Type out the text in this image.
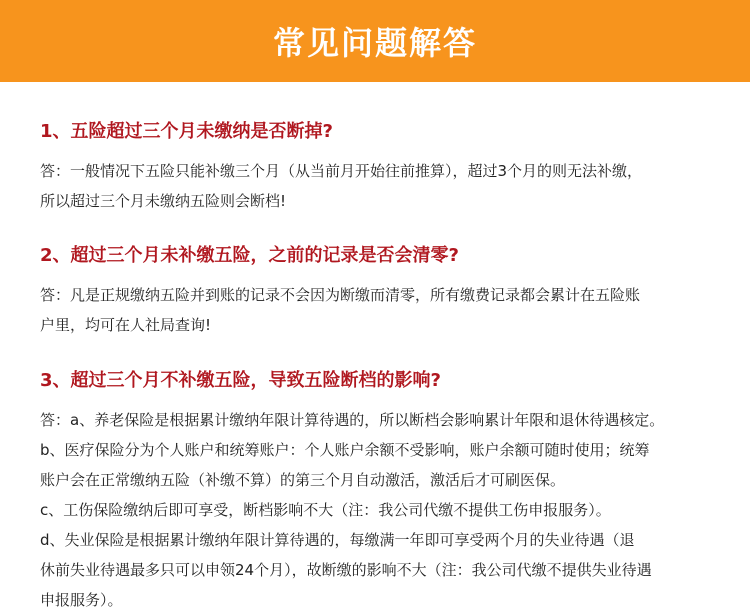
常见问题解答
1、五险超过三个月未缴纳是否断掉?
答：一般情况下五险只能补缴三个月（从当前月开始往前推算），超过3个月的则无法补缴，
所以超过三个月未缴纳五险则会断档!
2、超过三个月未补缴五险，之前的记录是否会清零?
答：凡是正规缴纳五险并到账的记录不会因为断缴而清零，所有缴费记录都会累计在五险账
户里，均可在人社局查询!
3、超过三个月不补缴五险，导致五险断档的影响?
答：a、养老保险是根据累计缴纳年限计算待遇的，所以断档会影响累计年限和退休待遇核定。
b、医疗保险分为个人账户和统筹账户：个人账户余额不受影响，账户余额可随时使用；统筹
账户会在正常缴纳五险（补缴不算）的第三个月自动激活，激活后才可刷医保。
c、工伤保险缴纳后即可享受，断档影响不大（注：我公司代缴不提供工伤申报服务）。
d、失业保险是根据累计缴纳年限计算待遇的，每缴满一年即可享受两个月的失业待遇（退
休前失业待遇最多只可以申领24个月），故断缴的影响不大（注：我公司代缴不提供失业待遇
申报服务）。
